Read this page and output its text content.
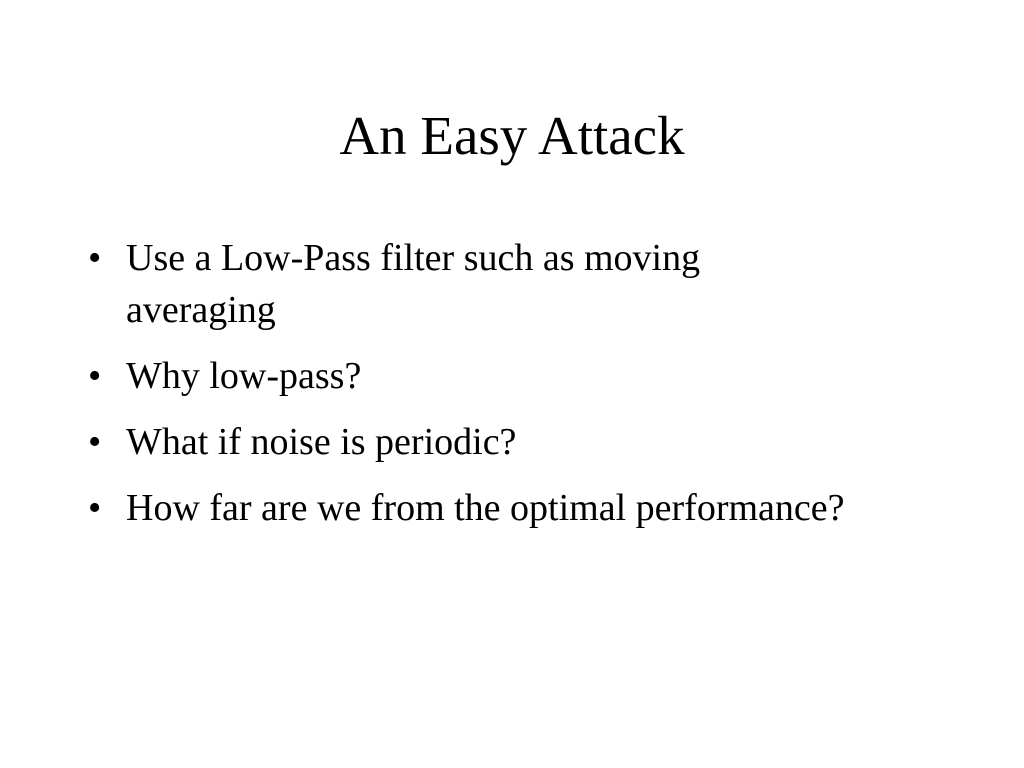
An Easy Attack
• Use a Low-Pass filter such as moving averaging
• Why low-pass?
• What if noise is periodic?
• How far are we from the optimal performance?
